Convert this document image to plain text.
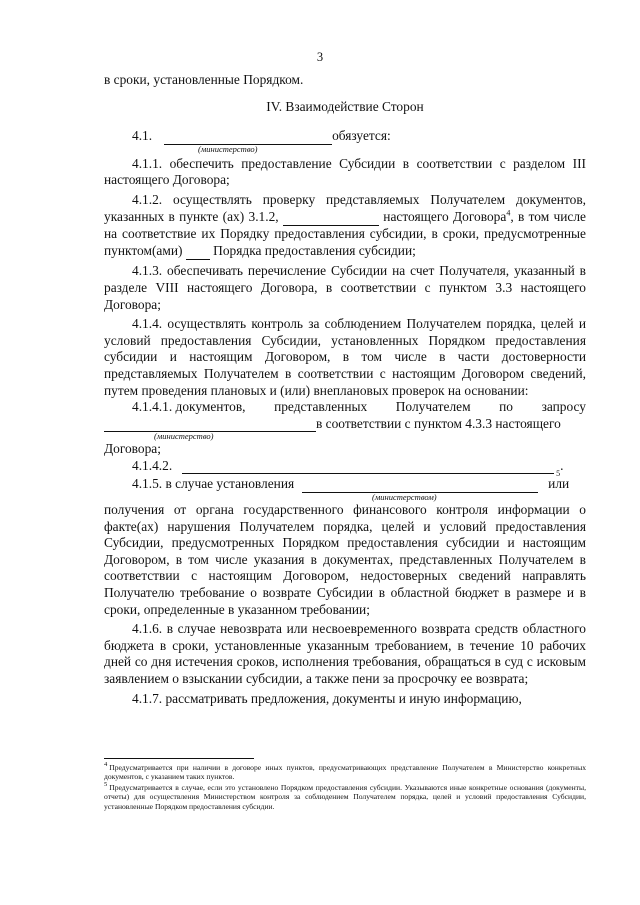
3

в сроки, установленные Порядком.

IV. Взаимодействие Сторон
4.1.	обязуется:
(министерство)

4.1.1. обеспечить предоставление Субсидии в соответствии с разделом III настоящего Договора;

4.1.2. осуществлять проверку представляемых Получателем документов, указанных в пункте (ах) 3.1.2,	настоящего Договора$^4$, в том числе на соответствие их Порядку предоставления субсидии, в сроки, предусмотренные пунктом(ами) Порядка предоставления субсидии;

4.1.3. обеспечивать перечисление Субсидии на счет Получателя, указанный в разделе VIII настоящего Договора, в соответствии с пунктом 3.3 настоящего Договора;

4.1.4. осуществлять контроль за соблюдением Получателем порядка, целей и условий предоставления Субсидии, установленных Порядком предоставления субсидии и настоящим Договором, в том числе в части достоверности представляемых Получателем в соответствии с настоящим Договором сведений, путем проведения плановых и (или) внеплановых проверок на основании:

4.1.4.1. документов, представленных Получателем по запросу
в соответствии с пунктом 4.3.3 настоящего
(министерство)
Договора;
4.1.4.2.
5
.
4.1.5. в случае установления	или
(министерством)

получения от органа государственного финансового контроля информации о факте(ах) нарушения Получателем порядка, целей и условий предоставления Субсидии, предусмотренных Порядком предоставления субсидии и настоящим Договором, в том числе указания в документах, представленных Получателем в соответствии с настоящим Договором, недостоверных сведений направлять Получателю требование о возврате Субсидии в областной бюджет в размере и в сроки, определенные в указанном требовании;

4.1.6. в случае невозврата или несвоевременного возврата средств областного бюджета в сроки, установленные указанным требованием, в течение 10 рабочих дней со дня истечения сроков, исполнения требования, обращаться в суд с исковым заявлением о взыскании субсидии, а также пени за просрочку ее возврата;

4.1.7. рассматривать предложения, документы и иную информацию,

4 Предусматривается при наличии в договоре иных пунктов, предусматривающих представление Получателем в Министерство конкретных документов, с указанием таких пунктов.
5 Предусматривается в случае, если это установлено Порядком предоставления субсидии. Указываются иные конкретные основания (документы, отчеты) для осуществления Министерством контроля за соблюдением Получателем порядка, целей и условий предоставления Субсидии, установленные Порядком предоставления субсидии.
